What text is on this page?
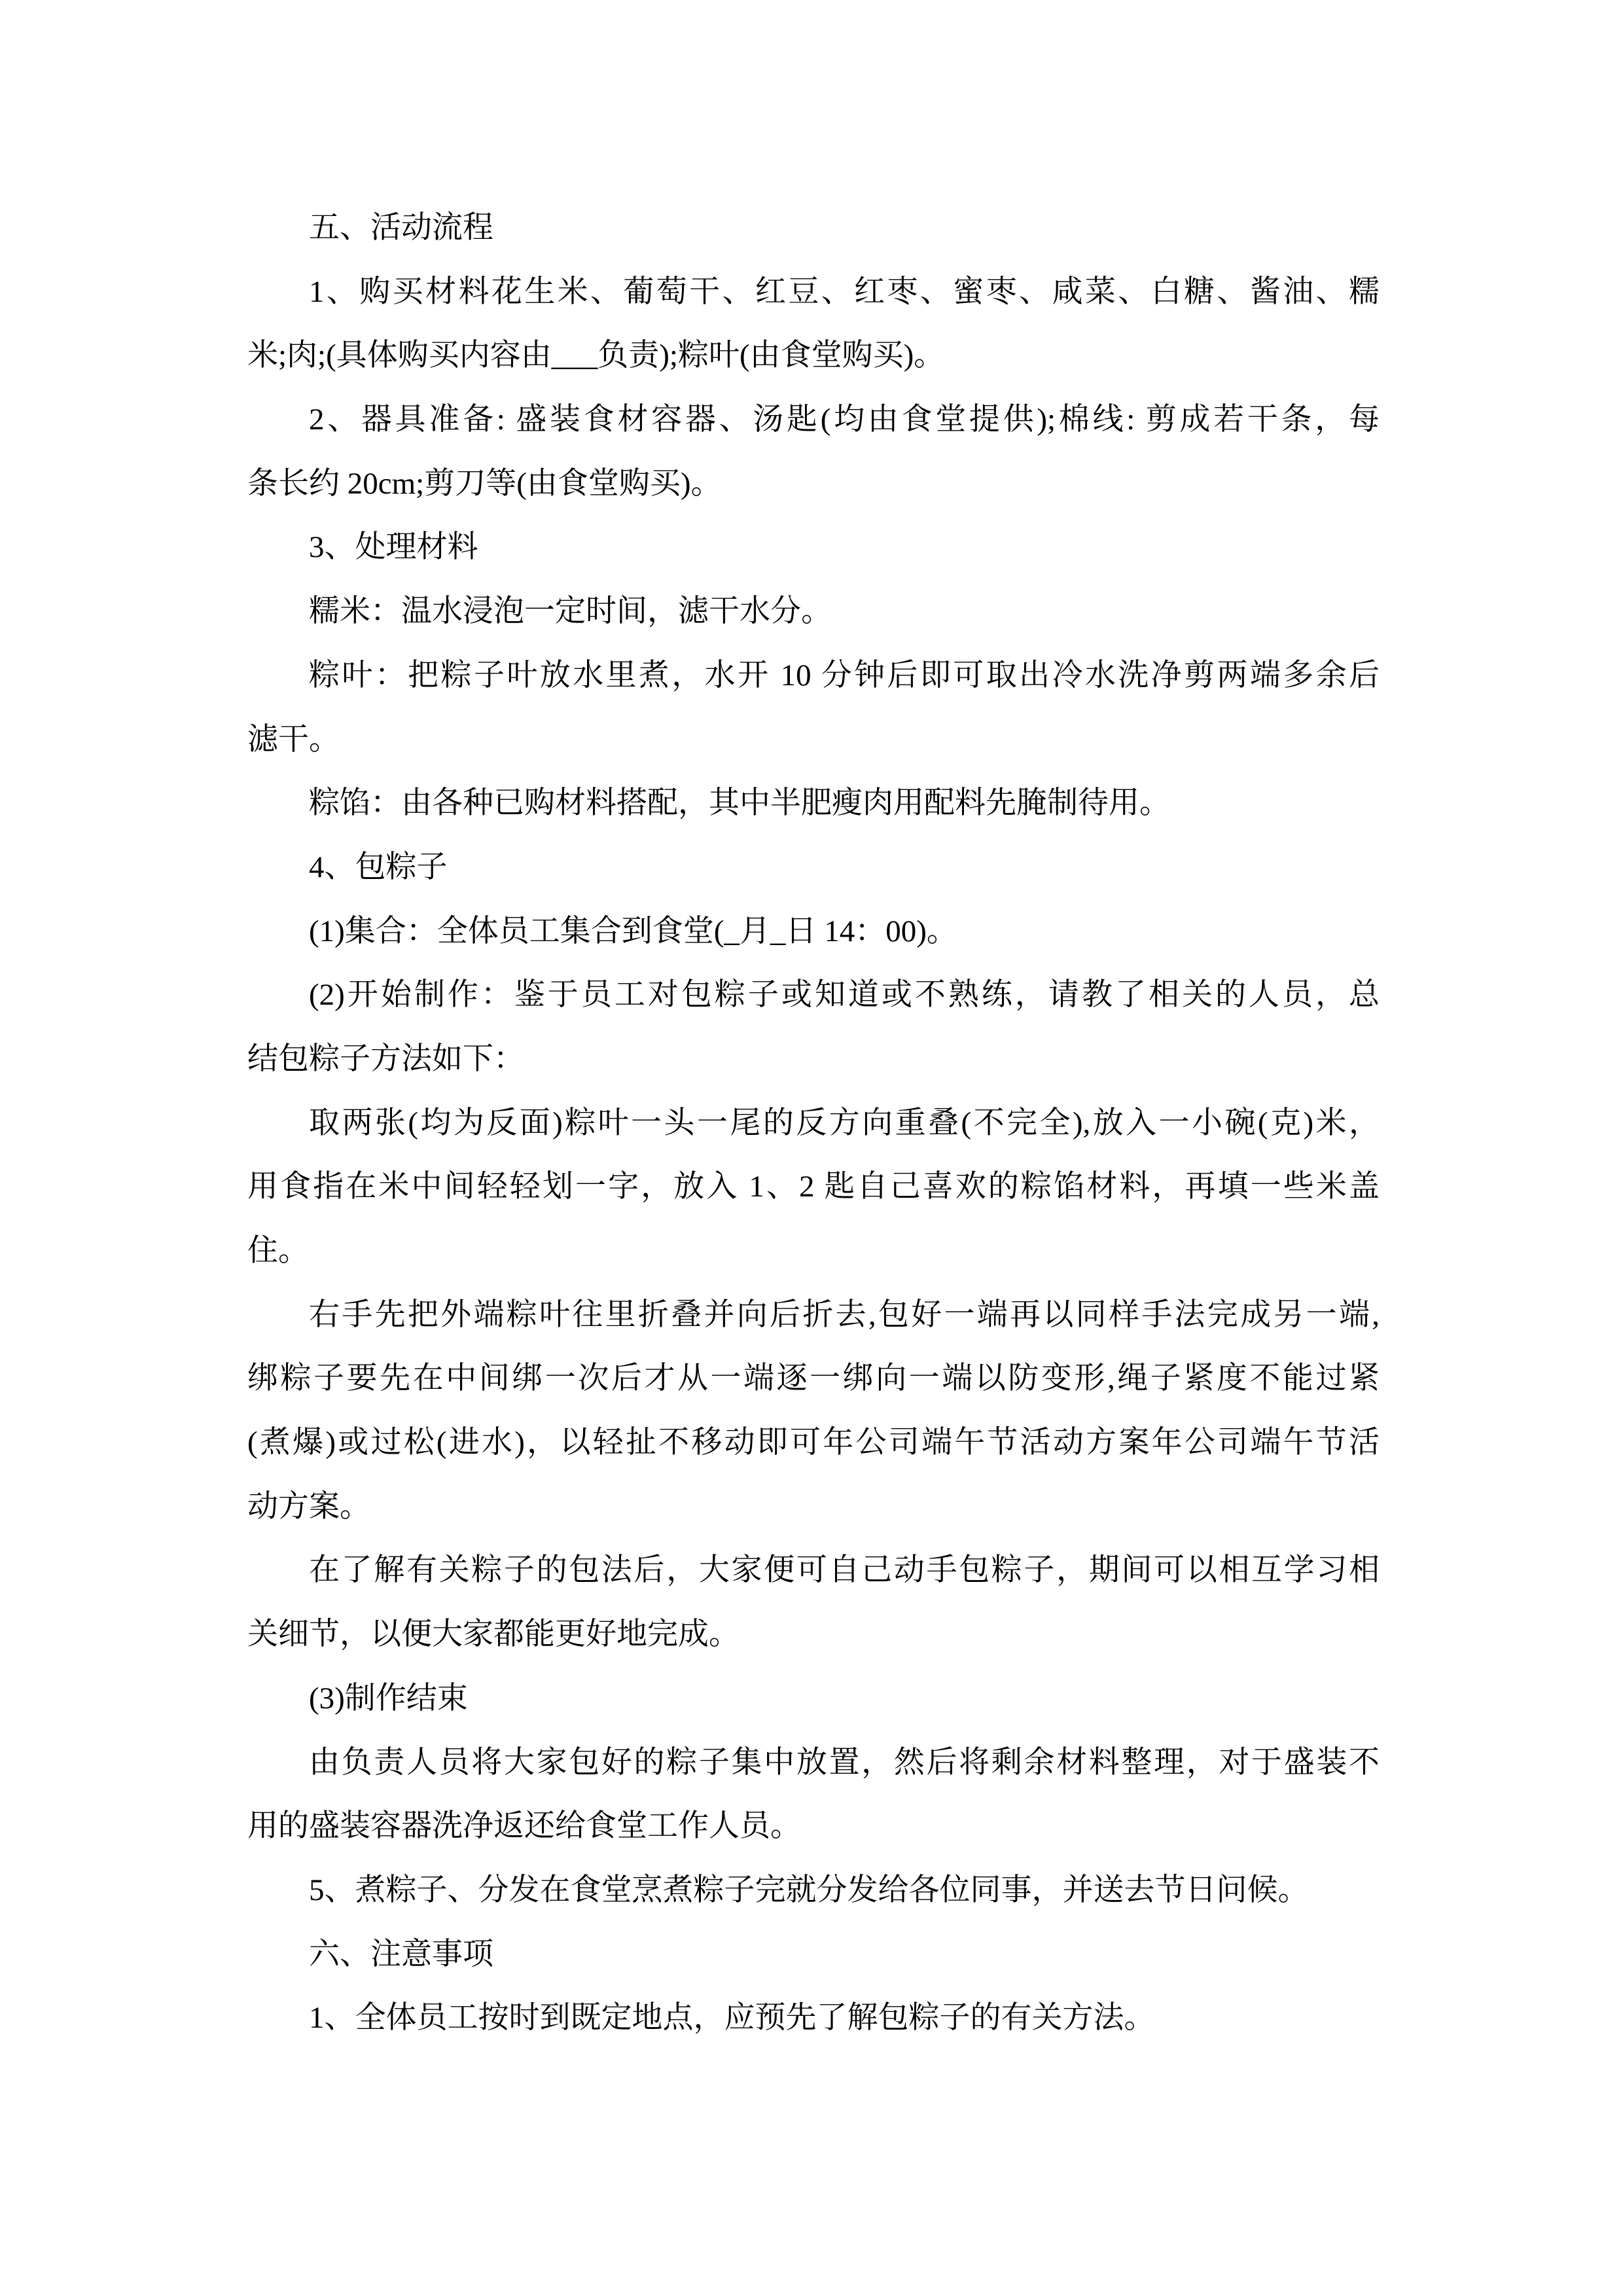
五、活动流程
1、购买材料花生米、葡萄干、红豆、红枣、蜜枣、咸菜、白糖、酱油、糯
米;肉;(具体购买内容由___负责);粽叶(由食堂购买)。
2、器具准备: 盛装食材容器、汤匙(均由食堂提供);棉线: 剪成若干条，每
条长约 20cm;剪刀等(由食堂购买)。
3、处理材料
糯米：温水浸泡一定时间，滤干水分。
粽叶：把粽子叶放水里煮，水开 10 分钟后即可取出冷水洗净剪两端多余后
滤干。
粽馅：由各种已购材料搭配，其中半肥瘦肉用配料先腌制待用。
4、包粽子
(1)集合：全体员工集合到食堂(_月_日 14：00)。
(2)开始制作：鉴于员工对包粽子或知道或不熟练，请教了相关的人员，总
结包粽子方法如下：
取两张(均为反面)粽叶一头一尾的反方向重叠(不完全),放入一小碗(克)米，
用食指在米中间轻轻划一字，放入 1、2 匙自己喜欢的粽馅材料，再填一些米盖
住。
右手先把外端粽叶往里折叠并向后折去,包好一端再以同样手法完成另一端,
绑粽子要先在中间绑一次后才从一端逐一绑向一端以防变形,绳子紧度不能过紧
(煮爆)或过松(进水)，以轻扯不移动即可年公司端午节活动方案年公司端午节活
动方案。
在了解有关粽子的包法后，大家便可自己动手包粽子，期间可以相互学习相
关细节，以便大家都能更好地完成。
(3)制作结束
由负责人员将大家包好的粽子集中放置，然后将剩余材料整理，对于盛装不
用的盛装容器洗净返还给食堂工作人员。
5、煮粽子、分发在食堂烹煮粽子完就分发给各位同事，并送去节日问候。
六、注意事项
1、全体员工按时到既定地点，应预先了解包粽子的有关方法。
